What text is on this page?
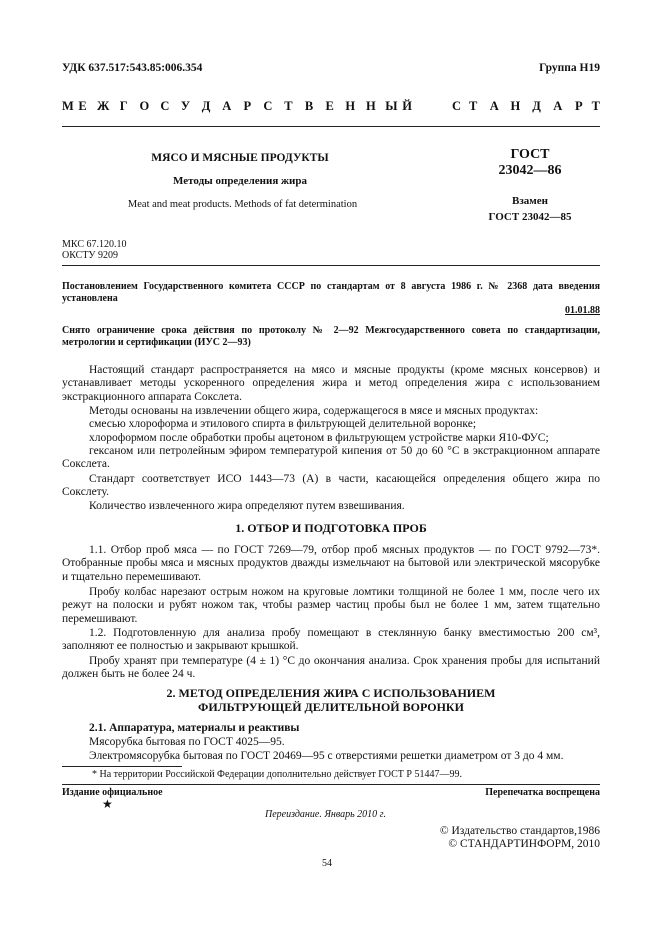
УДК 637.517:543.85:006.354	Группа Н19
М Е Ж Г О С У Д А Р С Т В Е Н Н Ы Й	С Т А Н Д А Р Т
МЯСО И МЯСНЫЕ ПРОДУКТЫ
Методы определения жира
Meat and meat products. Methods of fat determination
ГОСТ
23042—86
Взамен
ГОСТ 23042—85
МКС 67.120.10
ОКСТУ 9209
Постановлением Государственного комитета СССР по стандартам от 8 августа 1986 г. № 2368 дата введения установлена
01.01.88
Снято ограничение срока действия по протоколу № 2—92 Межгосударственного совета по стандартизации, метрологии и сертификации (ИУС 2—93)
Настоящий стандарт распространяется на мясо и мясные продукты (кроме мясных консервов) и устанавливает методы ускоренного определения жира и метод определения жира с использованием экстракционного аппарата Сокслета.
Методы основаны на извлечении общего жира, содержащегося в мясе и мясных продуктах:
смесью хлороформа и этилового спирта в фильтрующей делительной воронке;
хлороформом после обработки пробы ацетоном в фильтрующем устройстве марки Я10-ФУС;
гексаном или петролейным эфиром температурой кипения от 50 до 60 °С в экстракционном аппарате Сокслета.
Стандарт соответствует ИСО 1443—73 (А) в части, касающейся определения общего жира по Сокслету.
Количество извлеченного жира определяют путем взвешивания.
1. ОТБОР И ПОДГОТОВКА ПРОБ
1.1. Отбор проб мяса — по ГОСТ 7269—79, отбор проб мясных продуктов — по ГОСТ 9792—73*. Отобранные пробы мяса и мясных продуктов дважды измельчают на бытовой или электрической мясорубке и тщательно перемешивают.
Пробу колбас нарезают острым ножом на круговые ломтики толщиной не более 1 мм, после чего их режут на полоски и рубят ножом так, чтобы размер частиц пробы был не более 1 мм, затем тщательно перемешивают.
1.2. Подготовленную для анализа пробу помещают в стеклянную банку вместимостью 200 см³, заполняют ее полностью и закрывают крышкой.
Пробу хранят при температуре (4 ± 1) °С до окончания анализа. Срок хранения пробы для испытаний должен быть не более 24 ч.
2. МЕТОД ОПРЕДЕЛЕНИЯ ЖИРА С ИСПОЛЬЗОВАНИЕМ
ФИЛЬТРУЮЩЕЙ ДЕЛИТЕЛЬНОЙ ВОРОНКИ
2.1. Аппаратура, материалы и реактивы
Мясорубка бытовая по ГОСТ 4025—95.
Электромясорубка бытовая по ГОСТ 20469—95 с отверстиями решетки диаметром от 3 до 4 мм.
* На территории Российской Федерации дополнительно действует ГОСТ Р 51447—99.
Издание официальное	Перепечатка воспрещена
★
Переиздание. Январь 2010 г.
© Издательство стандартов,1986
© СТАНДАРТИНФОРМ, 2010
54
